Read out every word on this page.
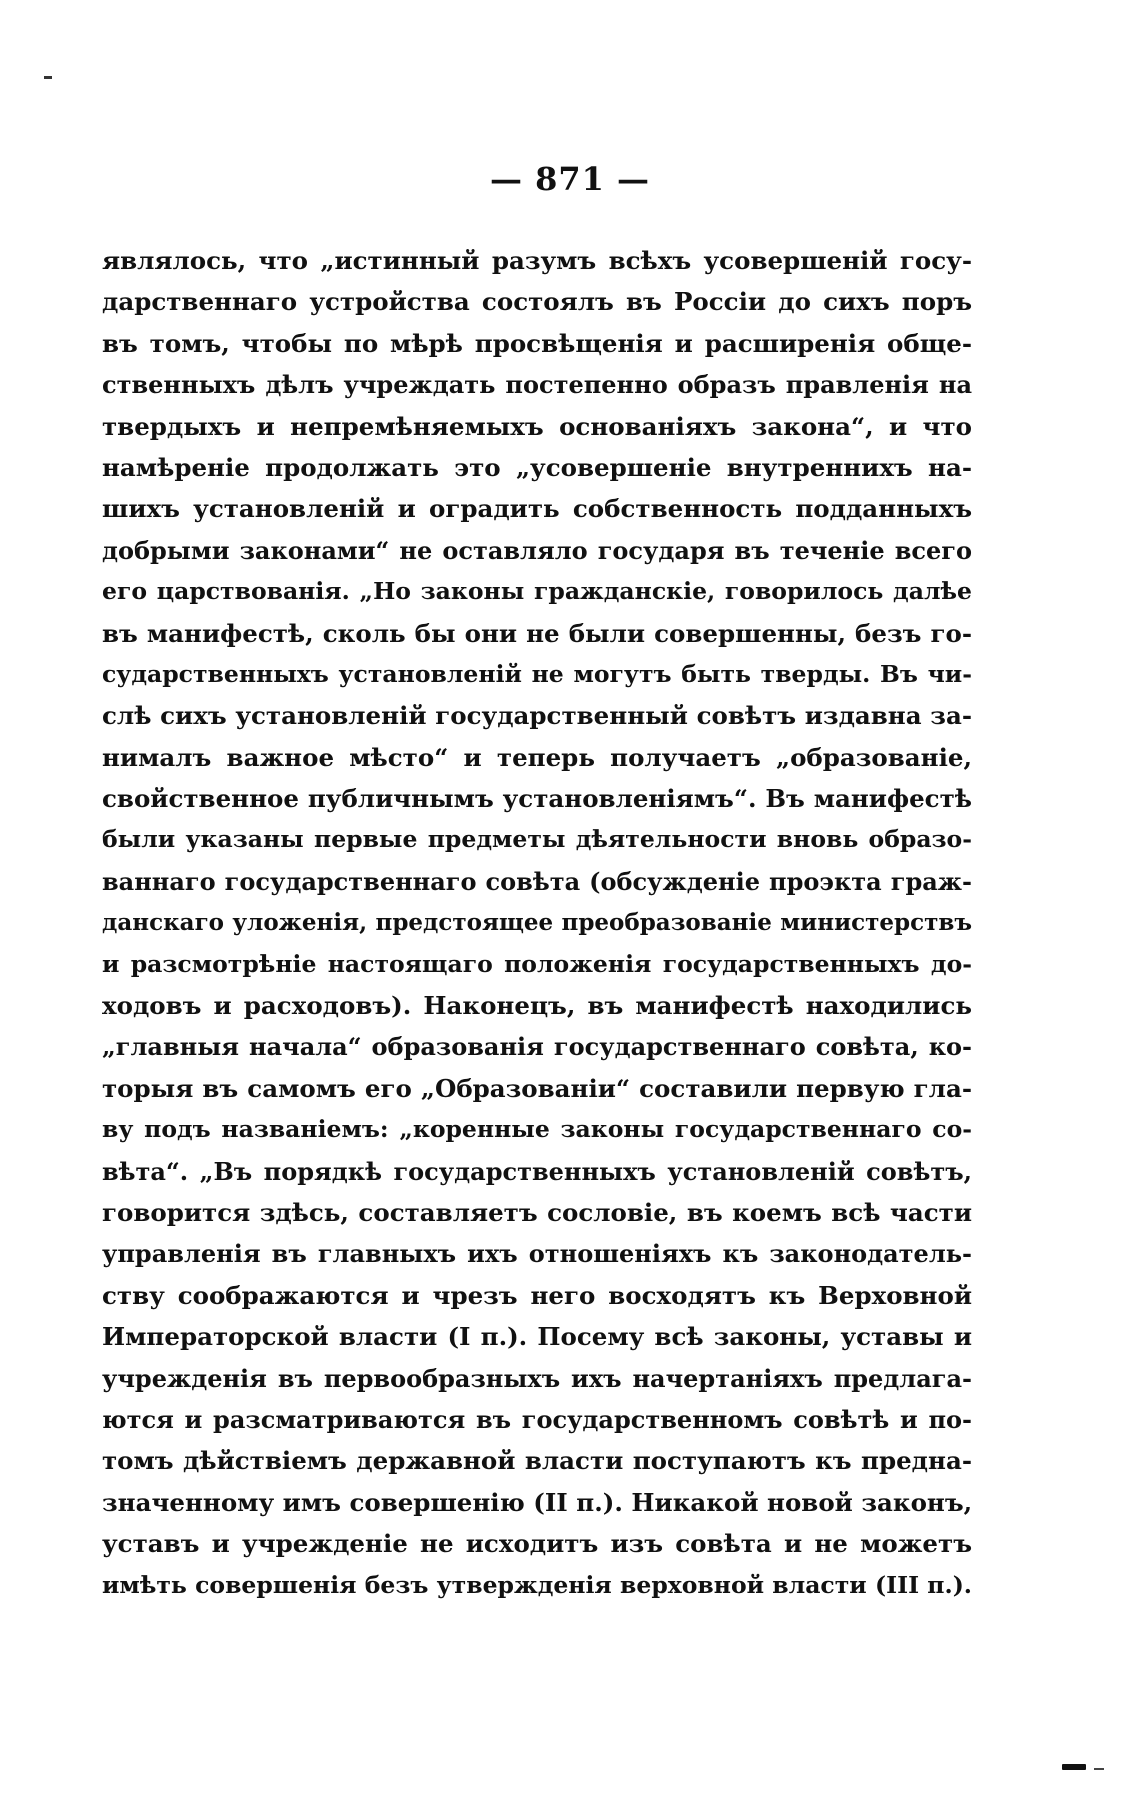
— 871 —
являлось, что „истинный разумъ всѣхъ усовершеній госу-
дарственнаго устройства состоялъ въ Россіи до сихъ поръ
въ томъ, чтобы по мѣрѣ просвѣщенія и расширенія обще-
ственныхъ дѣлъ учреждать постепенно образъ правленія на
твердыхъ и непремѣняемыхъ основаніяхъ закона“, и что
намѣреніе продолжать это „усовершеніе внутреннихъ на-
шихъ установленій и оградить собственность подданныхъ
добрыми законами“ не оставляло государя въ теченіе всего
его царствованія. „Но законы гражданскіе, говорилось далѣе
въ манифестѣ, сколь бы они не были совершенны, безъ го-
сударственныхъ установленій не могутъ быть тверды. Въ чи-
слѣ сихъ установленій государственный совѣтъ издавна за-
нималъ важное мѣсто“ и теперь получаетъ „образованіе,
свойственное публичнымъ установленіямъ“. Въ манифестѣ
были указаны первые предметы дѣятельности вновь образо-
ваннаго государственнаго совѣта (обсужденіе проэкта граж-
данскаго уложенія, предстоящее преобразованіе министерствъ
и разсмотрѣніе настоящаго положенія государственныхъ до-
ходовъ и расходовъ). Наконецъ, въ манифестѣ находились
„главныя начала“ образованія государственнаго совѣта, ко-
торыя въ самомъ его „Образованіи“ составили первую гла-
ву подъ названіемъ: „коренные законы государственнаго со-
вѣта“. „Въ порядкѣ государственныхъ установленій совѣтъ,
говорится здѣсь, составляетъ сословіе, въ коемъ всѣ части
управленія въ главныхъ ихъ отношеніяхъ къ законодатель-
ству соображаются и чрезъ него восходятъ къ Верховной
Императорской власти (I п.). Посему всѣ законы, уставы и
учрежденія въ первообразныхъ ихъ начертаніяхъ предлага-
ются и разсматриваются въ государственномъ совѣтѣ и по-
томъ дѣйствіемъ державной власти поступаютъ къ предна-
значенному имъ совершенію (II п.). Никакой новой законъ,
уставъ и учрежденіе не исходитъ изъ совѣта и не можетъ
имѣть совершенія безъ утвержденія верховной власти (III п.).
